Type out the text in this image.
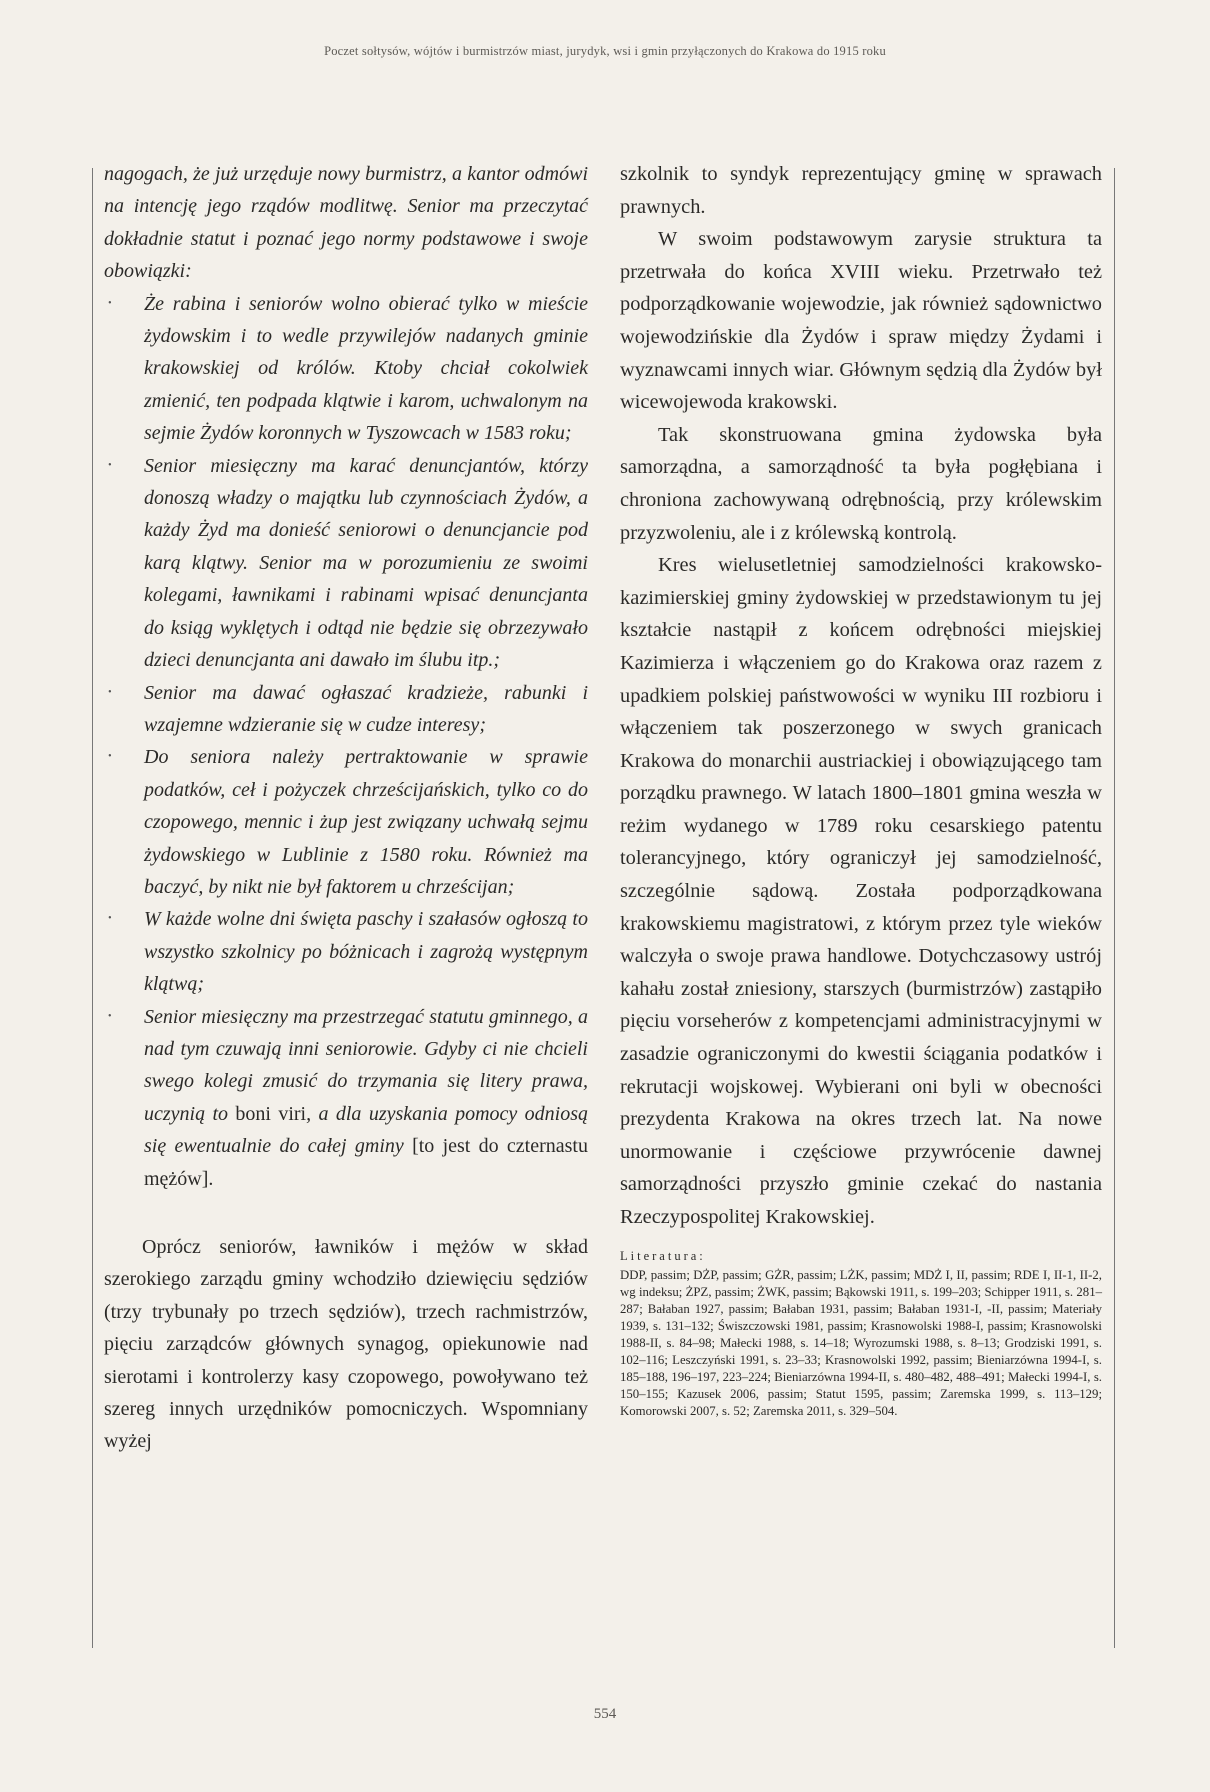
Poczet sołtysów, wójtów i burmistrzów miast, jurydyk, wsi i gmin przyłączonych do Krakowa do 1915 roku

nagogach, że już urzęduje nowy burmistrz, a kantor odmówi na intencję jego rządów modlitwę. Senior ma przeczytać dokładnie statut i poznać jego normy podstawowe i swoje obowiązki:

• Że rabina i seniorów wolno obierać tylko w mieście żydowskim i to wedle przywilejów nadanych gminie krakowskiej od królów. Ktoby chciał cokolwiek zmienić, ten podpada klątwie i karom, uchwalonym na sejmie Żydów koronnych w Tyszowcach w 1583 roku;
• Senior miesięczny ma karać denuncjantów, którzy donoszą władzy o majątku lub czynnościach Żydów, a każdy Żyd ma donieść seniorowi o denuncjancie pod karą klątwy. Senior ma w porozumieniu ze swoimi kolegami, ławnikami i rabinami wpisać denuncjanta do ksiąg wyklętych i odtąd nie będzie się obrzezywało dzieci denuncjanta ani dawało im ślubu itp.;
• Senior ma dawać ogłaszać kradzieże, rabunki i wzajemne wdzieranie się w cudze interesy;
• Do seniora należy pertraktowanie w sprawie podatków, ceł i pożyczek chrześcijańskich, tylko co do czopowego, mennic i żup jest związany uchwałą sejmu żydowskiego w Lublinie z 1580 roku. Również ma baczyć, by nikt nie był faktorem u chrześcijan;
• W każde wolne dni święta paschy i szałasów ogłoszą to wszystko szkolnicy po bóżnicach i zagrożą występnym klątwą;
• Senior miesięczny ma przestrzegać statutu gminnego, a nad tym czuwają inni seniorowie. Gdyby ci nie chcieli swego kolegi zmusić do trzymania się litery prawa, uczynią to boni viri, a dla uzyskania pomocy odniosą się ewentualnie do całej gminy [to jest do czternastu mężów].

Oprócz seniorów, ławników i mężów w skład szerokiego zarządu gminy wchodziło dziewięciu sędziów (trzy trybunały po trzech sędziów), trzech rachmistrzów, pięciu zarządców głównych synagog, opiekunowie nad sierotami i kontrolerzy kasy czopowego, powoływano też szereg innych urzędników pomocniczych. Wspomniany wyżej

szkolnik to syndyk reprezentujący gminę w sprawach prawnych.

W swoim podstawowym zarysie struktura ta przetrwała do końca XVIII wieku. Przetrwało też podporządkowanie wojewodzie, jak również sądownictwo wojewodzińskie dla Żydów i spraw między Żydami i wyznawcami innych wiar. Głównym sędzią dla Żydów był wicewojewoda krakowski.

Tak skonstruowana gmina żydowska była samorządna, a samorządność ta była pogłębiana i chroniona zachowywaną odrębnością, przy królewskim przyzwoleniu, ale i z królewską kontrolą.

Kres wielusetletniej samodzielności krakowsko-kazimierskiej gminy żydowskiej w przedstawionym tu jej kształcie nastąpił z końcem odrębności miejskiej Kazimierza i włączeniem go do Krakowa oraz razem z upadkiem polskiej państwowości w wyniku III rozbioru i włączeniem tak poszerzonego w swych granicach Krakowa do monarchii austriackiej i obowiązującego tam porządku prawnego. W latach 1800–1801 gmina weszła w reżim wydanego w 1789 roku cesarskiego patentu tolerancyjnego, który ograniczył jej samodzielność, szczególnie sądową. Została podporządkowana krakowskiemu magistratowi, z którym przez tyle wieków walczyła o swoje prawa handlowe. Dotychczasowy ustrój kahału został zniesiony, starszych (burmistrzów) zastąpiło pięciu vorseherów z kompetencjami administracyjnymi w zasadzie ograniczonymi do kwestii ściągania podatków i rekrutacji wojskowej. Wybierani oni byli w obecności prezydenta Krakowa na okres trzech lat. Na nowe unormowanie i częściowe przywrócenie dawnej samorządności przyszło gminie czekać do nastania Rzeczypospolitej Krakowskiej.

Literatura:
DDP, passim; DŻP, passim; GŻR, passim; LŻK, passim; MDŻ I, II, passim; RDE I, II-1, II-2, wg indeksu; ŻPZ, passim; ŻWK, passim; Bąkowski 1911, s. 199–203; Schipper 1911, s. 281–287; Bałaban 1927, passim; Bałaban 1931, passim; Bałaban 1931-I, -II, passim; Materiały 1939, s. 131–132; Świszczowski 1981, passim; Krasnowolski 1988-I, passim; Krasnowolski 1988-II, s. 84–98; Małecki 1988, s. 14–18; Wyrozumski 1988, s. 8–13; Grodziski 1991, s. 102–116; Leszczyński 1991, s. 23–33; Krasnowolski 1992, passim; Bieniarzówna 1994-I, s. 185–188, 196–197, 223–224; Bieniarzówna 1994-II, s. 480–482, 488–491; Małecki 1994-I, s. 150–155; Kazusek 2006, passim; Statut 1595, passim; Zaremska 1999, s. 113–129; Komorowski 2007, s. 52; Zaremska 2011, s. 329–504.
554
